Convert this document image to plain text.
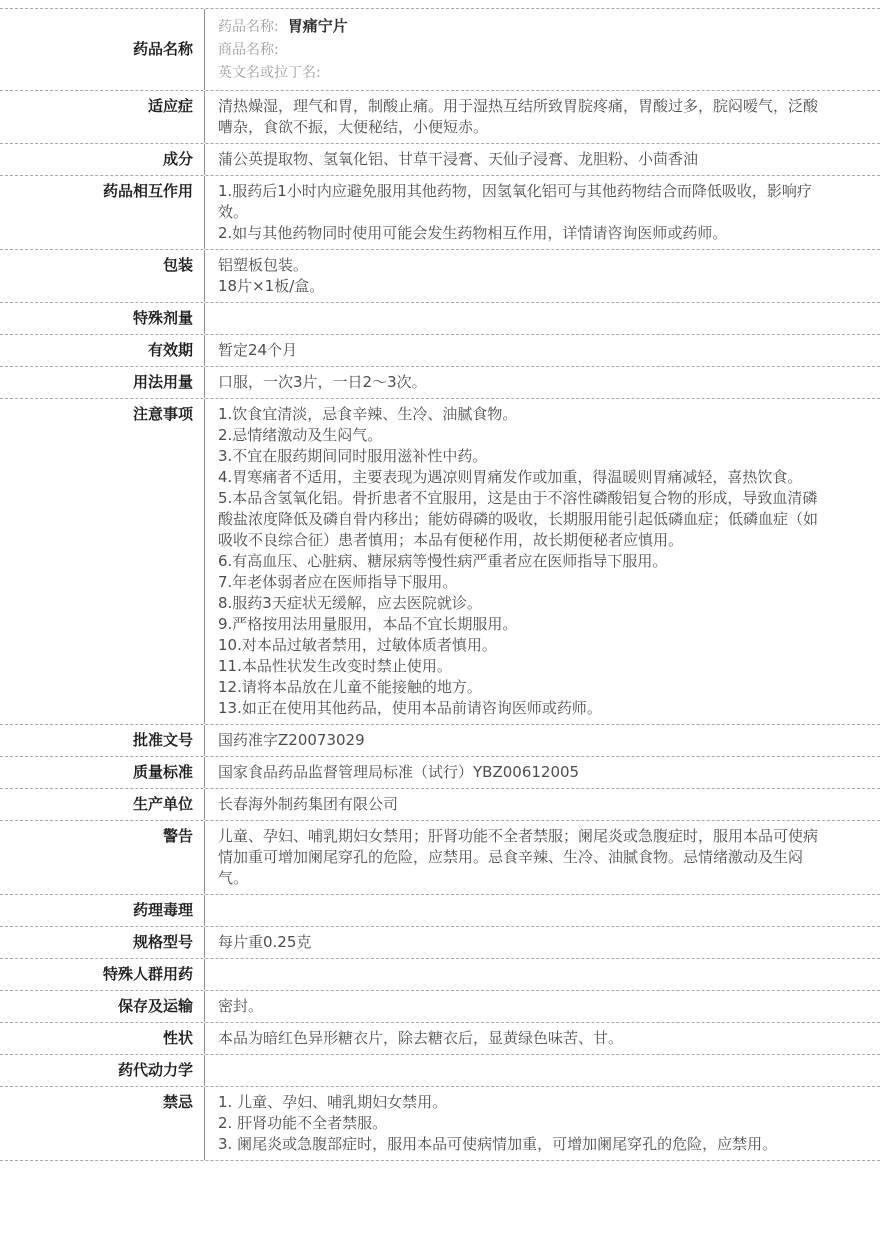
药品名称
药品名称: 胃痛宁片
商品名称:
英文名或拉丁名:
适应症	清热燥湿，理气和胃，制酸止痛。用于湿热互结所致胃脘疼痛，胃酸过多，脘闷嗳气，泛酸嘈杂，食欲不振，大便秘结，小便短赤。
成分	蒲公英提取物、氢氧化铝、甘草干浸膏、天仙子浸膏、龙胆粉、小茴香油
药品相互作用	1.服药后1小时内应避免服用其他药物，因氢氧化铝可与其他药物结合而降低吸收，影响疗效。
2.如与其他药物同时使用可能会发生药物相互作用，详情请咨询医师或药师。
包装	铝塑板包装。
18片×1板/盒。
特殊剂量
有效期	暂定24个月
用法用量	口服，一次3片，一日2～3次。
注意事项	1.饮食宜清淡，忌食辛辣、生冷、油腻食物。
2.忌情绪激动及生闷气。
3.不宜在服药期间同时服用滋补性中药。
4.胃寒痛者不适用，主要表现为遇凉则胃痛发作或加重，得温暖则胃痛减轻，喜热饮食。
5.本品含氢氧化铝。骨折患者不宜服用，这是由于不溶性磷酸铝复合物的形成，导致血清磷酸盐浓度降低及磷自骨内移出；能妨碍磷的吸收，长期服用能引起低磷血症；低磷血症（如吸收不良综合征）患者慎用；本品有便秘作用，故长期便秘者应慎用。
6.有高血压、心脏病、糖尿病等慢性病严重者应在医师指导下服用。
7.年老体弱者应在医师指导下服用。
8.服药3天症状无缓解，应去医院就诊。
9.严格按用法用量服用，本品不宜长期服用。
10.对本品过敏者禁用，过敏体质者慎用。
11.本品性状发生改变时禁止使用。
12.请将本品放在儿童不能接触的地方。
13.如正在使用其他药品，使用本品前请咨询医师或药师。
批准文号	国药准字Z20073029
质量标准	国家食品药品监督管理局标准（试行）YBZ00612005
生产单位	长春海外制药集团有限公司
警告	儿童、孕妇、哺乳期妇女禁用；肝肾功能不全者禁服；阑尾炎或急腹症时，服用本品可使病情加重可增加阑尾穿孔的危险，应禁用。忌食辛辣、生冷、油腻食物。忌情绪激动及生闷气。
药理毒理
规格型号	每片重0.25克
特殊人群用药
保存及运输	密封。
性状	本品为暗红色异形糖衣片，除去糖衣后，显黄绿色味苦、甘。
药代动力学
禁忌	1. 儿童、孕妇、哺乳期妇女禁用。
2. 肝肾功能不全者禁服。
3. 阑尾炎或急腹部症时，服用本品可使病情加重，可增加阑尾穿孔的危险，应禁用。
